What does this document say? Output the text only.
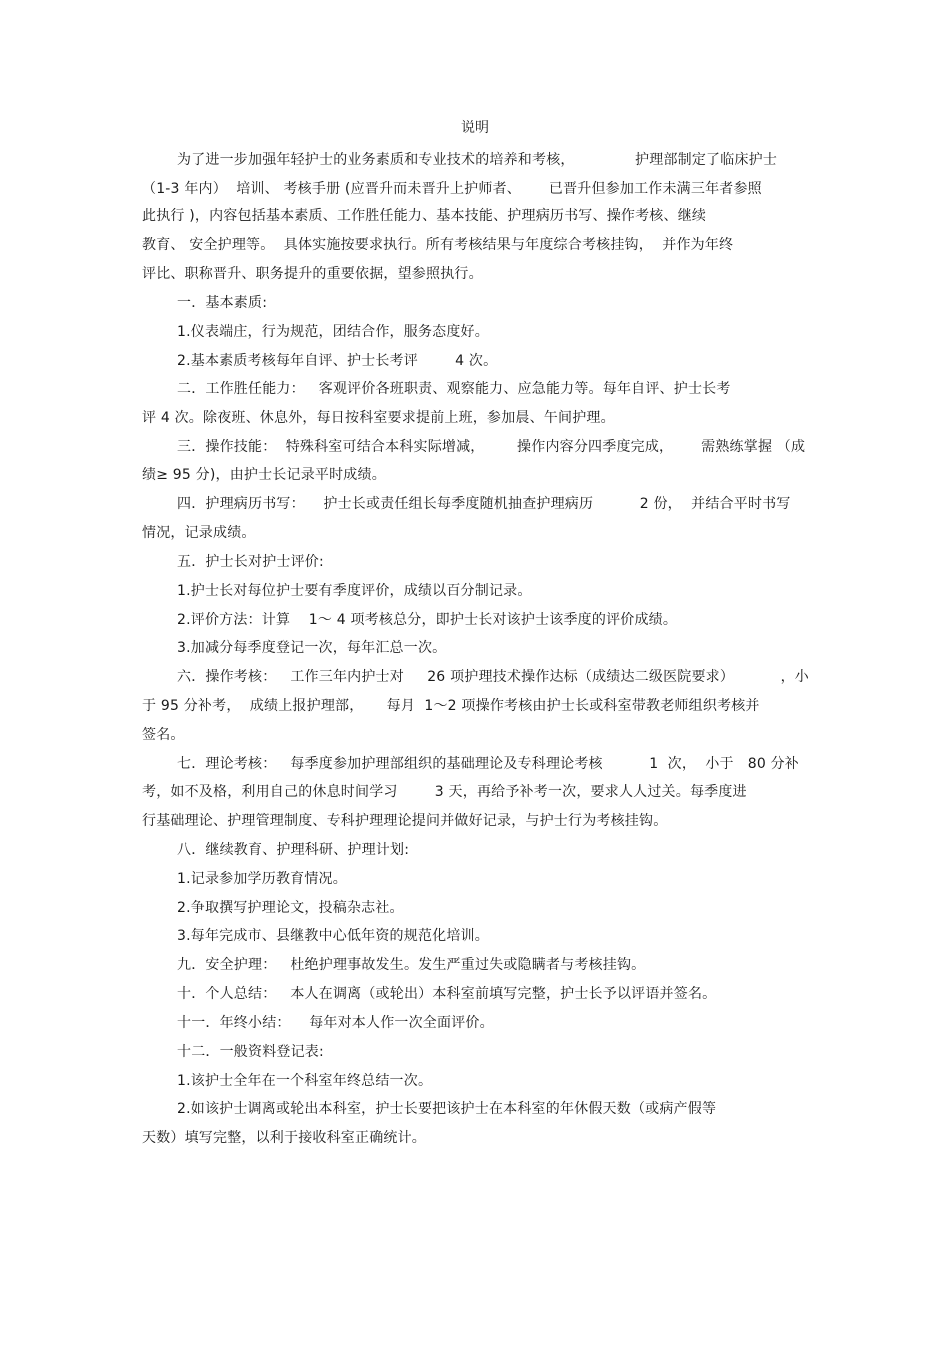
说明
为了进一步加强年轻护士的业务素质和专业技术的培养和考核，             护理部制定了临床护士
（1-3 年内）  培训、 考核手册 (应晋升而未晋升上护师者、      已晋升但参加工作未满三年者参照
此执行 )，内容包括基本素质、工作胜任能力、基本技能、护理病历书写、操作考核、继续
教育、 安全护理等。  具体实施按要求执行。所有考核结果与年度综合考核挂钩，  并作为年终
评比、职称晋升、职务提升的重要依据，望参照执行。
一．基本素质:
1.仪表端庄，行为规范，团结合作，服务态度好。
2.基本素质考核每年自评、护士长考评        4 次。
二．工作胜任能力：   客观评价各班职责、观察能力、应急能力等。每年自评、护士长考
评 4 次。除夜班、休息外，每日按科室要求提前上班，参加晨、午间护理。
三．操作技能：  特殊科室可结合本科实际增减，       操作内容分四季度完成，      需熟练掌握 （成
绩≥ 95 分)，由护士长记录平时成绩。
四．护理病历书写：    护士长或责任组长每季度随机抽查护理病历          2 份，  并结合平时书写
情况，记录成绩。
五．护士长对护士评价:
1.护士长对每位护士要有季度评价，成绩以百分制记录。
2.评价方法：计算    1～ 4 项考核总分，即护士长对该护士该季度的评价成绩。
3.加减分每季度登记一次，每年汇总一次。
六．操作考核：   工作三年内护士对     26 项护理技术操作达标（成绩达二级医院要求）          ，小
于 95 分补考，  成绩上报护理部，     每月  1～2 项操作考核由护士长或科室带教老师组织考核并
签名。
七．理论考核：   每季度参加护理部组织的基础理论及专科理论考核          1  次，  小于   80 分补
考，如不及格，利用自己的休息时间学习        3 天，再给予补考一次，要求人人过关。每季度进
行基础理论、护理管理制度、专科护理理论提问并做好记录，与护士行为考核挂钩。
八．继续教育、护理科研、护理计划:
1.记录参加学历教育情况。
2.争取撰写护理论文，投稿杂志社。
3.每年完成市、县继教中心低年资的规范化培训。
九．安全护理：   杜绝护理事故发生。发生严重过失或隐瞒者与考核挂钩。
十．个人总结：   本人在调离（或轮出）本科室前填写完整，护士长予以评语并签名。
十一．年终小结：    每年对本人作一次全面评价。
十二．一般资料登记表:
1.该护士全年在一个科室年终总结一次。
2.如该护士调离或轮出本科室，护士长要把该护士在本科室的年休假天数（或病产假等
天数）填写完整，以利于接收科室正确统计。
